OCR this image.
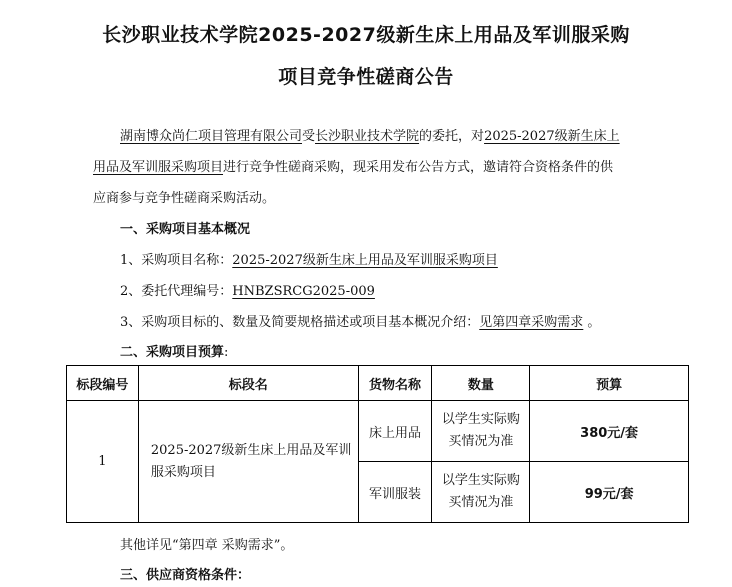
长沙职业技术学院2025-2027级新生床上用品及军训服采购
项目竞争性磋商公告
湖南博众尚仁项目管理有限公司受长沙职业技术学院的委托，对2025-2027级新生床上
用品及军训服采购项目进行竞争性磋商采购，现采用发布公告方式，邀请符合资格条件的供
应商参与竞争性磋商采购活动。
一、采购项目基本概况
1、采购项目名称：2025-2027级新生床上用品及军训服采购项目
2、委托代理编号：HNBZSRCG2025-009
3、采购项目标的、数量及简要规格描述或项目基本概况介绍：见第四章采购需求 。
二、采购项目预算:
标段编号	标段名	货物名称	数量	预算
1	2025-2027级新生床上用品及军训服采购项目	床上用品	以学生实际购买情况为准	380元/套
		军训服装	以学生实际购买情况为准	99元/套
其他详见“第四章 采购需求”。
三、供应商资格条件：
